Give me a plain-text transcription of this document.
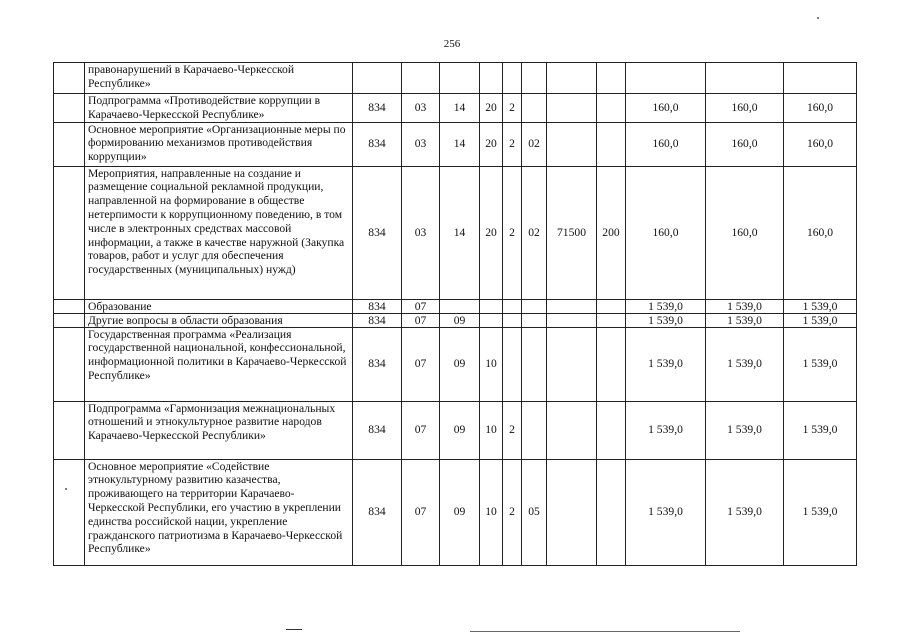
256
	правонарушений в Карачаево-Черкесской Республике»											
	Подпрограмма «Противодействие коррупции в Карачаево-Черкесской Республике»	834	03	14	20	2				160,0	160,0	160,0
	Основное мероприятие «Организационные меры по формированию механизмов противодействия коррупции»	834	03	14	20	2	02			160,0	160,0	160,0
	Мероприятия, направленные на создание и размещение социальной рекламной продукции, направленной на формирование в обществе нетерпимости к коррупционному поведению, в том числе в электронных средствах массовой информации, а также в качестве наружной (Закупка товаров, работ и услуг для обеспечения государственных (муниципальных) нужд)	834	03	14	20	2	02	71500	200	160,0	160,0	160,0
	Образование	834	07							1 539,0	1 539,0	1 539,0
	Другие вопросы в области образования	834	07	09						1 539,0	1 539,0	1 539,0
	Государственная программа «Реализация государственной национальной, конфессиональной, информационной политики в Карачаево-Черкесской Республике»	834	07	09	10					1 539,0	1 539,0	1 539,0
	Подпрограмма «Гармонизация межнациональных отношений и этнокультурное развитие народов Карачаево-Черкесской Республики»	834	07	09	10	2				1 539,0	1 539,0	1 539,0
	Основное мероприятие «Содействие этнокультурному развитию казачества, проживающего на территории Карачаево-Черкесской Республики, его участию в укреплении единства российской нации, укрепление гражданского патриотизма в Карачаево-Черкесской Республике»	834	07	09	10	2	05			1 539,0	1 539,0	1 539,0
